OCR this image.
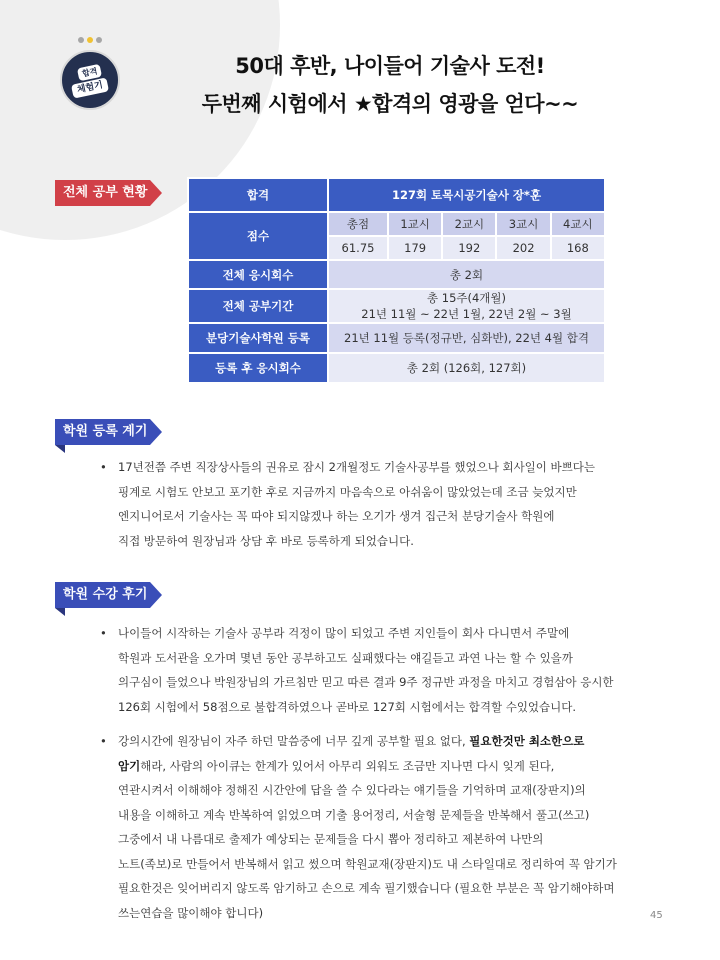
합격
체험기
50대 후반, 나이들어 기술사 도전!
두번째 시험에서 ★합격의 영광을 얻다~~
전체 공부 현황	합격	127회 토목시공기술사 장*훈				
점수	총점	1교시	2교시	3교시	4교시
	61.75	179	192	202	168
전체 응시회수	총 2회				
전체 공부기간	총 15주(4개월)
21년 11월 ~ 22년 1월, 22년 2월 ~ 3월				

분당기술사학원 등록	21년 11월 등록(정규반, 심화반), 22년 4월 합격				
등록 후 응시회수	총 2회 (126회, 127회)				
학원 등록 계기
• 17년전쯤 주변 직장상사들의 권유로 잠시 2개월정도 기술사공부를 했었으나 회사일이 바쁘다는
핑계로 시험도 안보고 포기한 후로 지금까지 마음속으로 아쉬움이 많았었는데 조금 늦었지만
엔지니어로서 기술사는 꼭 따야 되지않겠나 하는 오기가 생겨 집근처 분당기술사 학원에
직접 방문하여 원장님과 상담 후 바로 등록하게 되었습니다.
학원 수강 후기
• 나이들어 시작하는 기술사 공부라 걱정이 많이 되었고 주변 지인들이 회사 다니면서 주말에
학원과 도서관을 오가며 몇년 동안 공부하고도 실패했다는 얘길듣고 과연 나는 할 수 있을까
의구심이 들었으나 박원장님의 가르침만 믿고 따른 결과 9주 정규반 과정을 마치고 경험삼아 응시한
126회 시험에서 58점으로 불합격하였으나 곧바로 127회 시험에서는 합격할 수있었습니다.
• 강의시간에 원장님이 자주 하던 말씀중에 너무 깊게 공부할 필요 없다, 필요한것만 최소한으로
암기해라, 사람의 아이큐는 한계가 있어서 아무리 외워도 조금만 지나면 다시 잊게 된다,
연관시켜서 이해해야 정해진 시간안에 답을 쓸 수 있다라는 얘기들을 기억하며 교재(장판지)의
내용을 이해하고 계속 반복하여 읽었으며 기출 용어정리, 서술형 문제들을 반복해서 풀고(쓰고)
그중에서 내 나름대로 출제가 예상되는 문제들을 다시 뽑아 정리하고 제본하여 나만의
노트(족보)로 만들어서 반복해서 읽고 썼으며 학원교재(장판지)도 내 스타일대로 정리하여 꼭 암기가
필요한것은 잊어버리지 않도록 암기하고 손으로 계속 필기했습니다 (필요한 부분은 꼭 암기해야하며
쓰는연습을 많이해야 합니다)	45
